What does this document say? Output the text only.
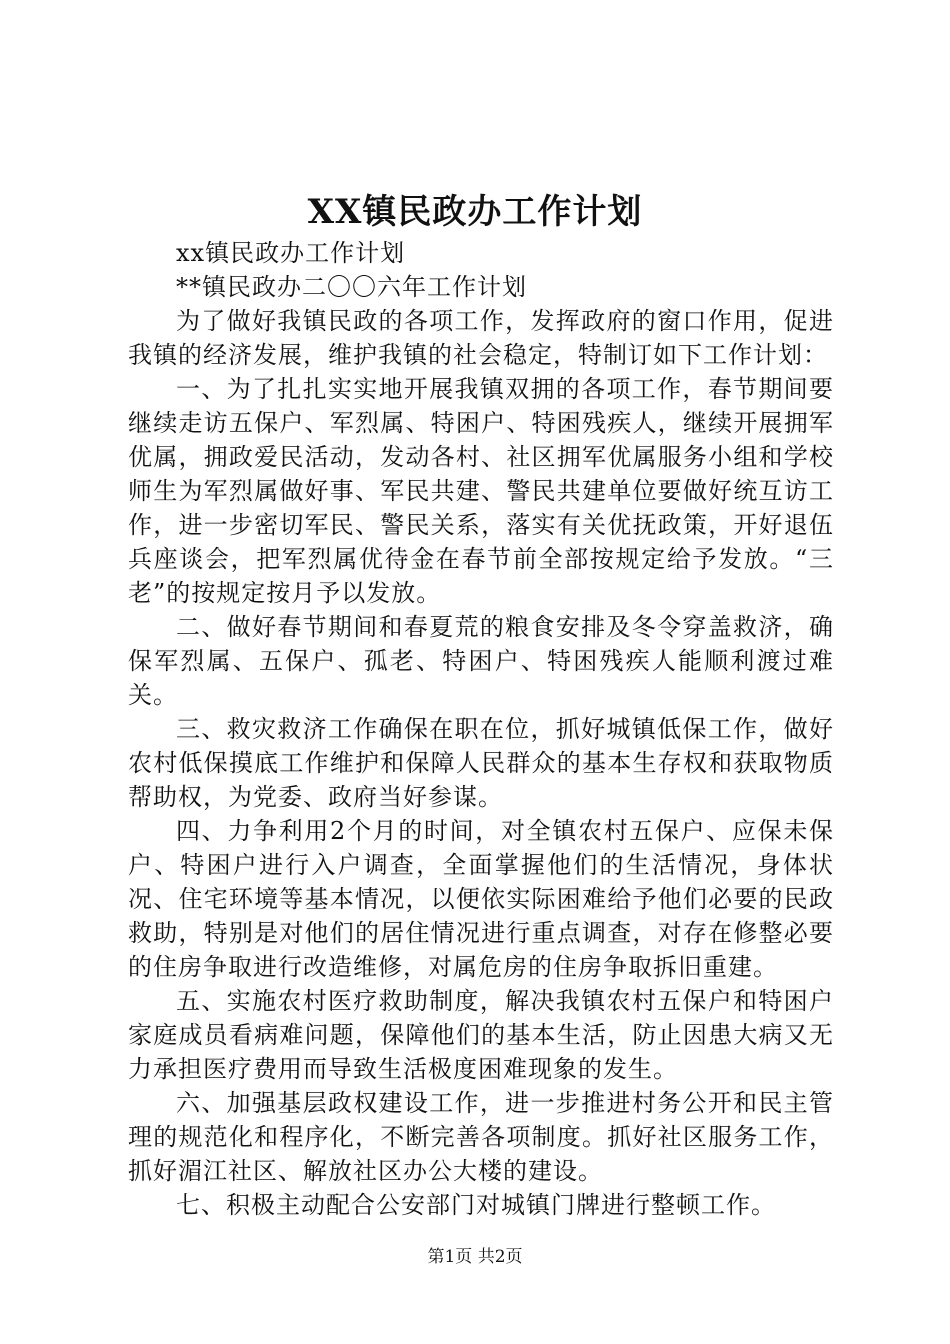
XX镇民政办工作计划

xx镇民政办工作计划

**镇民政办二〇〇六年工作计划

为了做好我镇民政的各项工作，发挥政府的窗口作用，促进我镇的经济发展，维护我镇的社会稳定，特制订如下工作计划：

一、为了扎扎实实地开展我镇双拥的各项工作，春节期间要继续走访五保户、军烈属、特困户、特困残疾人，继续开展拥军优属，拥政爱民活动，发动各村、社区拥军优属服务小组和学校师生为军烈属做好事、军民共建、警民共建单位要做好统互访工作，进一步密切军民、警民关系，落实有关优抚政策，开好退伍兵座谈会，把军烈属优待金在春节前全部按规定给予发放。“三老”的按规定按月予以发放。

二、做好春节期间和春夏荒的粮食安排及冬令穿盖救济，确保军烈属、五保户、孤老、特困户、特困残疾人能顺利渡过难关。

三、救灾救济工作确保在职在位，抓好城镇低保工作，做好农村低保摸底工作维护和保障人民群众的基本生存权和获取物质帮助权，为党委、政府当好参谋。

四、力争利用2个月的时间，对全镇农村五保户、应保未保户、特困户进行入户调查，全面掌握他们的生活情况，身体状况、住宅环境等基本情况，以便依实际困难给予他们必要的民政救助，特别是对他们的居住情况进行重点调查，对存在修整必要的住房争取进行改造维修，对属危房的住房争取拆旧重建。

五、实施农村医疗救助制度，解决我镇农村五保户和特困户家庭成员看病难问题，保障他们的基本生活，防止因患大病又无力承担医疗费用而导致生活极度困难现象的发生。

六、加强基层政权建设工作，进一步推进村务公开和民主管理的规范化和程序化，不断完善各项制度。抓好社区服务工作，抓好湄江社区、解放社区办公大楼的建设。

七、积极主动配合公安部门对城镇门牌进行整顿工作。

第1页 共2页
